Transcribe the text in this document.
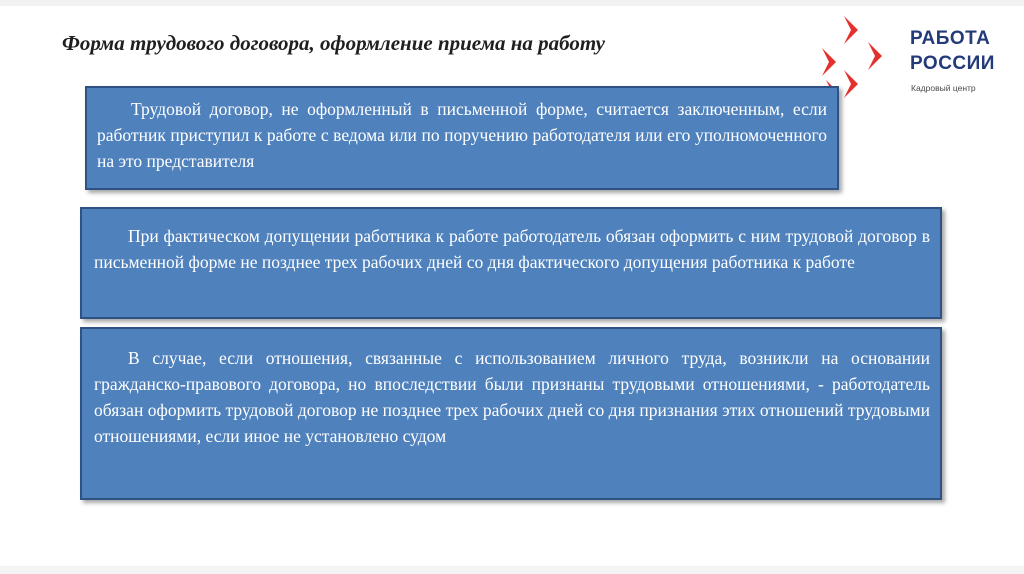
Форма трудового договора, оформление приема на работу	РАБОТА
РОССИИ
Кадровый центр

Трудовой договор, не оформленный в письменной форме, считается заключенным, если работник приступил к работе с ведома или по поручению работодателя или его уполномоченного на это представителя

При фактическом допущении работника к работе работодатель обязан оформить с ним трудовой договор в письменной форме не позднее трех рабочих дней со дня фактического допущения работника к работе

В случае, если отношения, связанные с использованием личного труда, возникли на основании гражданско-правового договора, но впоследствии были признаны трудовыми отношениями, - работодатель обязан оформить трудовой договор не позднее трех рабочих дней со дня признания этих отношений трудовыми отношениями, если иное не установлено судом
